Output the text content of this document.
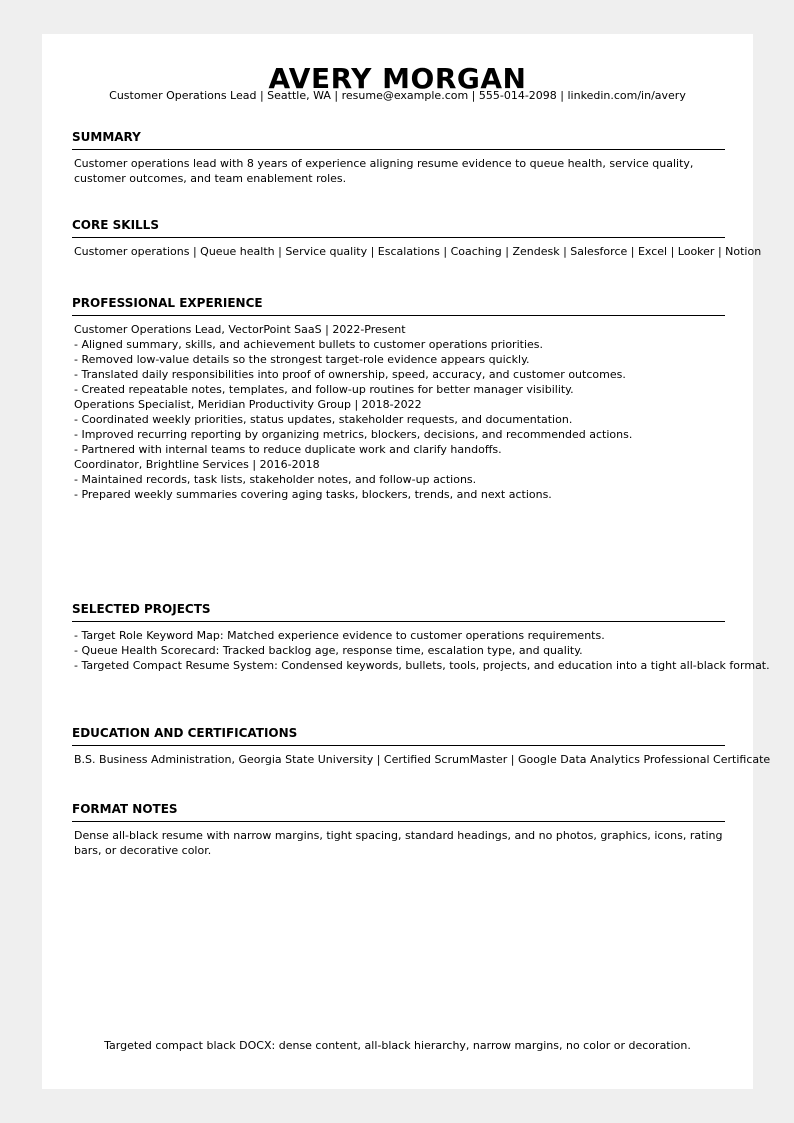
AVERY MORGAN
Customer Operations Lead | Seattle, WA | resume@example.com | 555-014-2098 | linkedin.com/in/avery
SUMMARY
Customer operations lead with 8 years of experience aligning resume evidence to queue health, service quality, customer outcomes, and team enablement roles.
CORE SKILLS
Customer operations | Queue health | Service quality | Escalations | Coaching | Zendesk | Salesforce | Excel | Looker | Notion
PROFESSIONAL EXPERIENCE
Customer Operations Lead, VectorPoint SaaS | 2022-Present
- Aligned summary, skills, and achievement bullets to customer operations priorities.
- Removed low-value details so the strongest target-role evidence appears quickly.
- Translated daily responsibilities into proof of ownership, speed, accuracy, and customer outcomes.
- Created repeatable notes, templates, and follow-up routines for better manager visibility.
Operations Specialist, Meridian Productivity Group | 2018-2022
- Coordinated weekly priorities, status updates, stakeholder requests, and documentation.
- Improved recurring reporting by organizing metrics, blockers, decisions, and recommended actions.
- Partnered with internal teams to reduce duplicate work and clarify handoffs.
Coordinator, Brightline Services | 2016-2018
- Maintained records, task lists, stakeholder notes, and follow-up actions.
- Prepared weekly summaries covering aging tasks, blockers, trends, and next actions.
SELECTED PROJECTS
- Target Role Keyword Map: Matched experience evidence to customer operations requirements.
- Queue Health Scorecard: Tracked backlog age, response time, escalation type, and quality.
- Targeted Compact Resume System: Condensed keywords, bullets, tools, projects, and education into a tight all-black format.
EDUCATION AND CERTIFICATIONS
B.S. Business Administration, Georgia State University | Certified ScrumMaster | Google Data Analytics Professional Certificate
FORMAT NOTES
Dense all-black resume with narrow margins, tight spacing, standard headings, and no photos, graphics, icons, rating bars, or decorative color.
Targeted compact black DOCX: dense content, all-black hierarchy, narrow margins, no color or decoration.
